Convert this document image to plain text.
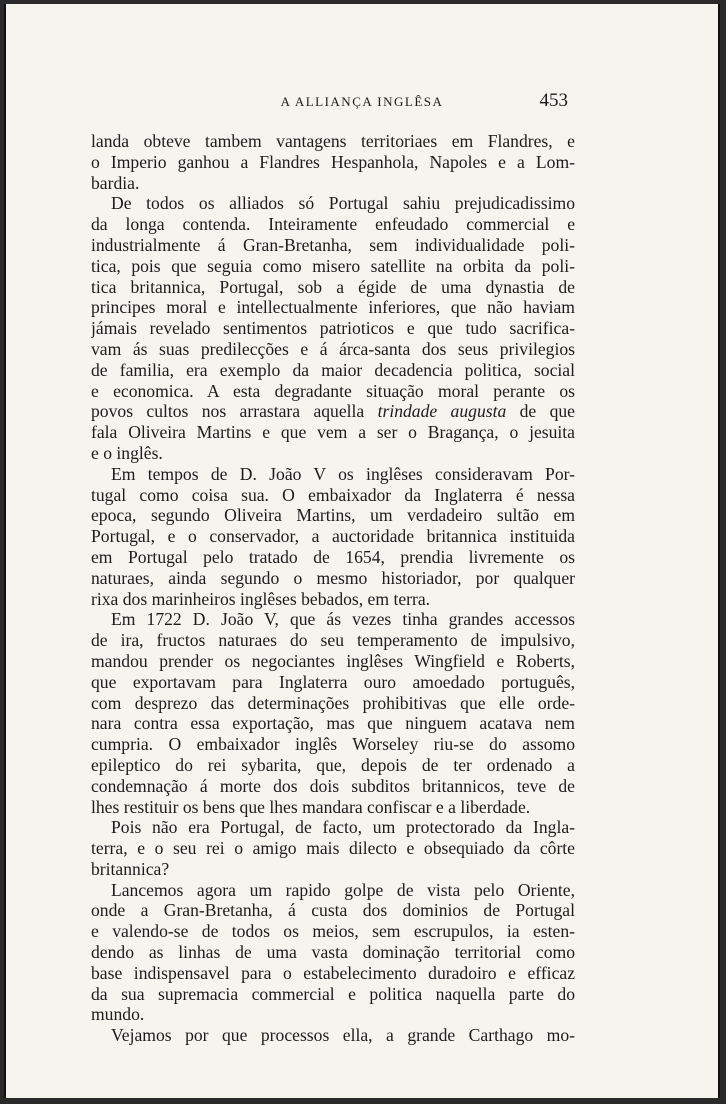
A ALLIANÇA INGLÊSA	453
landa obteve tambem vantagens territoriaes em Flandres, e
o Imperio ganhou a Flandres Hespanhola, Napoles e a Lom-
bardia.
De todos os alliados só Portugal sahiu prejudicadissimo
da longa contenda. Inteiramente enfeudado commercial e
industrialmente á Gran-Bretanha, sem individualidade poli-
tica, pois que seguia como misero satellite na orbita da poli-
tica britannica, Portugal, sob a égide de uma dynastia de
principes moral e intellectualmente inferiores, que não haviam
jámais revelado sentimentos patrioticos e que tudo sacrifica-
vam ás suas predilecções e á árca-santa dos seus privilegios
de familia, era exemplo da maior decadencia politica, social
e economica. A esta degradante situação moral perante os
povos cultos nos arrastara aquella trindade augusta de que
fala Oliveira Martins e que vem a ser o Bragança, o jesuita
e o inglês.
Em tempos de D. João V os inglêses consideravam Por-
tugal como coisa sua. O embaixador da Inglaterra é nessa
epoca, segundo Oliveira Martins, um verdadeiro sultão em
Portugal, e o conservador, a auctoridade britannica instituida
em Portugal pelo tratado de 1654, prendia livremente os
naturaes, ainda segundo o mesmo historiador, por qualquer
rixa dos marinheiros inglêses bebados, em terra.
Em 1722 D. João V, que ás vezes tinha grandes accessos
de ira, fructos naturaes do seu temperamento de impulsivo,
mandou prender os negociantes inglêses Wingfield e Roberts,
que exportavam para Inglaterra ouro amoedado português,
com desprezo das determinações prohibitivas que elle orde-
nara contra essa exportação, mas que ninguem acatava nem
cumpria. O embaixador inglês Worseley riu-se do assomo
epileptico do rei sybarita, que, depois de ter ordenado a
condemnação á morte dos dois subditos britannicos, teve de
lhes restituir os bens que lhes mandara confiscar e a liberdade.
Pois não era Portugal, de facto, um protectorado da Ingla-
terra, e o seu rei o amigo mais dilecto e obsequiado da côrte
britannica?
Lancemos agora um rapido golpe de vista pelo Oriente,
onde a Gran-Bretanha, á custa dos dominios de Portugal
e valendo-se de todos os meios, sem escrupulos, ia esten-
dendo as linhas de uma vasta dominação territorial como
base indispensavel para o estabelecimento duradoiro e efficaz
da sua supremacia commercial e politica naquella parte do
mundo.
Vejamos por que processos ella, a grande Carthago mo-
